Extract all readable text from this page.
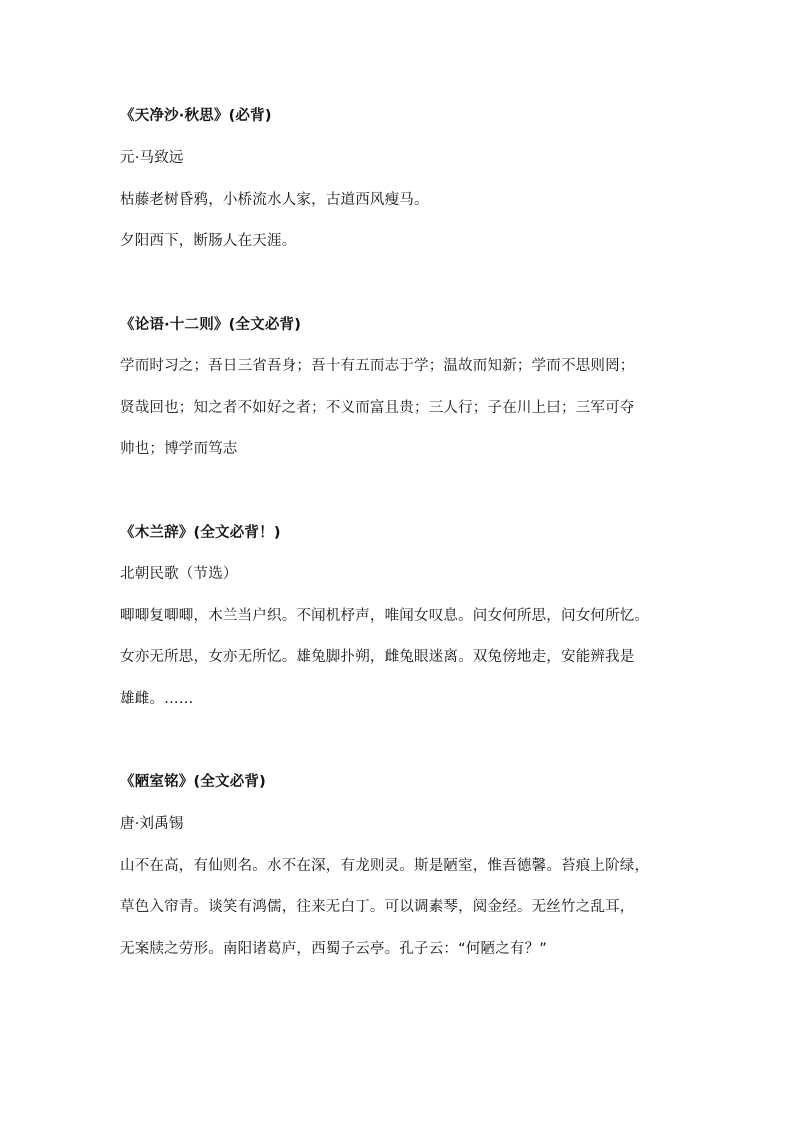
《天净沙·秋思》(必背)
元·马致远
枯藤老树昏鸦，小桥流水人家，古道西风瘦马。
夕阳西下，断肠人在天涯。
《论语·十二则》(全文必背)
学而时习之；吾日三省吾身；吾十有五而志于学；温故而知新；学而不思则罔；
贤哉回也；知之者不如好之者；不义而富且贵；三人行；子在川上曰；三军可夺
帅也；博学而笃志
《木兰辞》(全文必背！)
北朝民歌（节选）
唧唧复唧唧，木兰当户织。不闻机杼声，唯闻女叹息。问女何所思，问女何所忆。
女亦无所思，女亦无所忆。雄兔脚扑朔，雌兔眼迷离。双兔傍地走，安能辨我是
雄雌。……
《陋室铭》(全文必背)
唐·刘禹锡
山不在高，有仙则名。水不在深，有龙则灵。斯是陋室，惟吾德馨。苔痕上阶绿，
草色入帘青。谈笑有鸿儒，往来无白丁。可以调素琴，阅金经。无丝竹之乱耳，
无案牍之劳形。南阳诸葛庐，西蜀子云亭。孔子云：“何陋之有？”
